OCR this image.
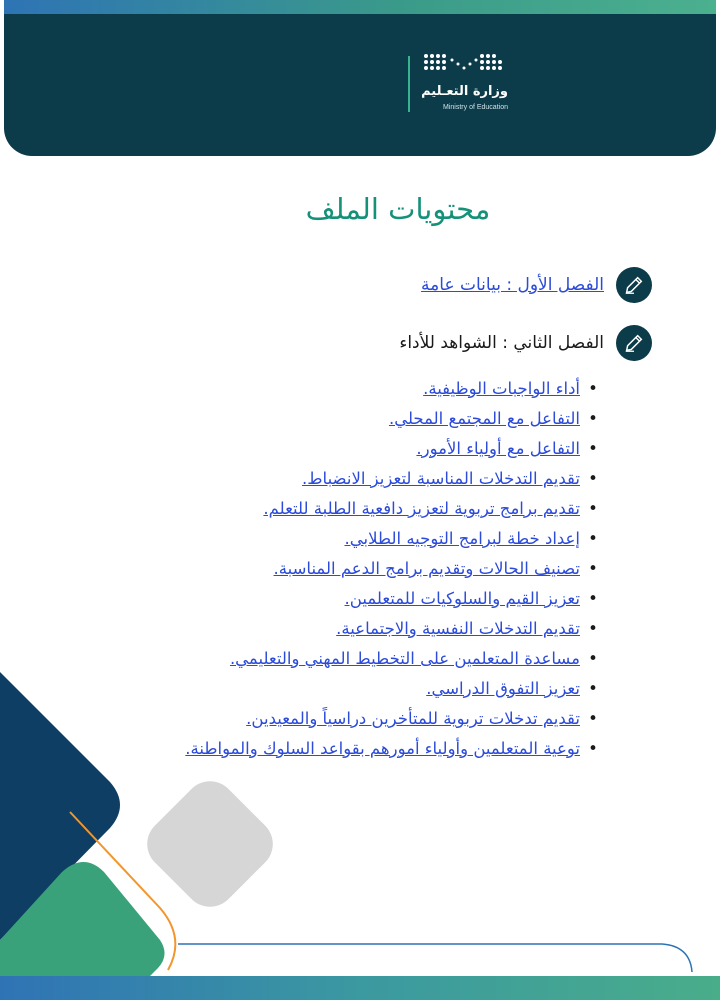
وزارة التعـليم
Ministry of Education
محتويات الملف
الفصل الأول : بيانات عامة
الفصل الثاني : الشواهد للأداء
•أداء الواجبات الوظيفية.
•التفاعل مع المجتمع المحلي.
•التفاعل مع أولياء الأمور.
•تقديم التدخلات المناسبة لتعزيز الانضباط.
•تقديم برامج تربوية لتعزيز دافعية الطلبة للتعلم.
•إعداد خطة لبرامج التوجيه الطلابي.
•تصنيف الحالات وتقديم برامج الدعم المناسبة.
•تعزيز القيم والسلوكيات للمتعلمين.
•تقديم التدخلات النفسية والاجتماعية.
•مساعدة المتعلمين على التخطيط المهني والتعليمي.
•تعزيز التفوق الدراسي.
•تقديم تدخلات تربوية للمتأخرين دراسياً والمعيدين.
•توعية المتعلمين وأولياء أمورهم بقواعد السلوك والمواطنة.
